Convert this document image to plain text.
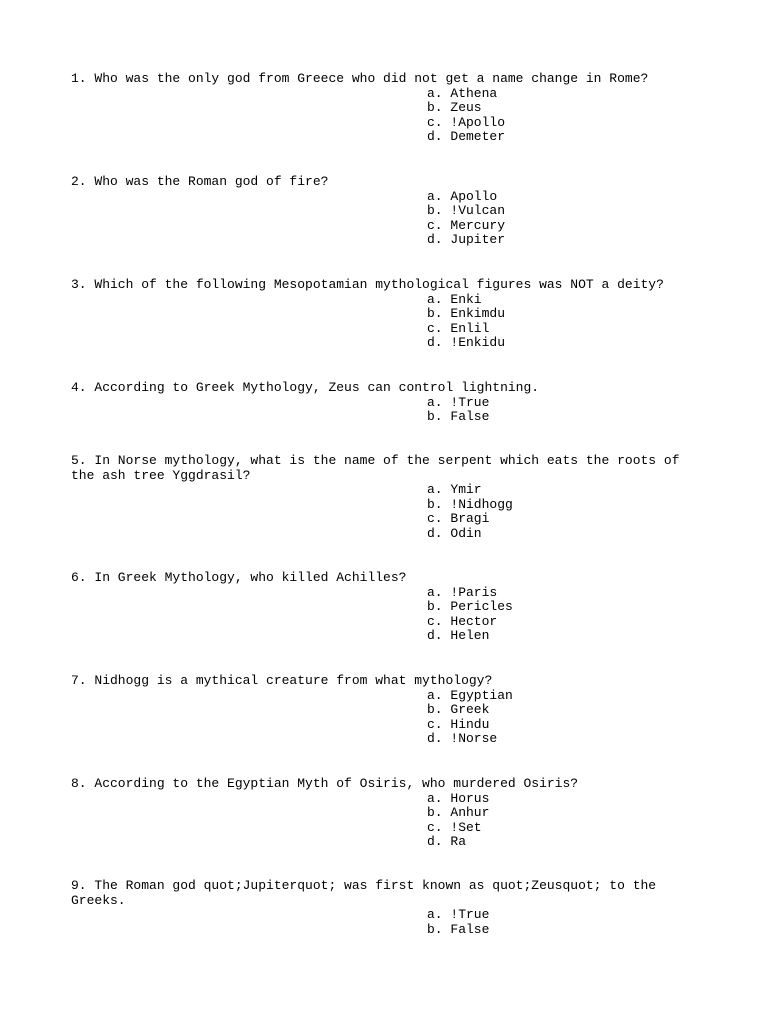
1. Who was the only god from Greece who did not get a name change in Rome?

a. Athena
b. Zeus
c. !Apollo
d. Demeter

2. Who was the Roman god of fire?

a. Apollo
b. !Vulcan
c. Mercury
d. Jupiter

3. Which of the following Mesopotamian mythological figures was NOT a deity?

a. Enki
b. Enkimdu
c. Enlil
d. !Enkidu

4. According to Greek Mythology, Zeus can control lightning.

a. !True
b. False

5. In Norse mythology, what is the name of the serpent which eats the roots of the ash tree Yggdrasil?

a. Ymir
b. !Nidhogg
c. Bragi
d. Odin

6. In Greek Mythology, who killed Achilles?

a. !Paris
b. Pericles
c. Hector
d. Helen

7. Nidhogg is a mythical creature from what mythology?

a. Egyptian
b. Greek
c. Hindu
d. !Norse

8. According to the Egyptian Myth of Osiris, who murdered Osiris?

a. Horus
b. Anhur
c. !Set
d. Ra

9. The Roman god quot;Jupiterquot; was first known as quot;Zeusquot; to the Greeks.

a. !True
b. False
